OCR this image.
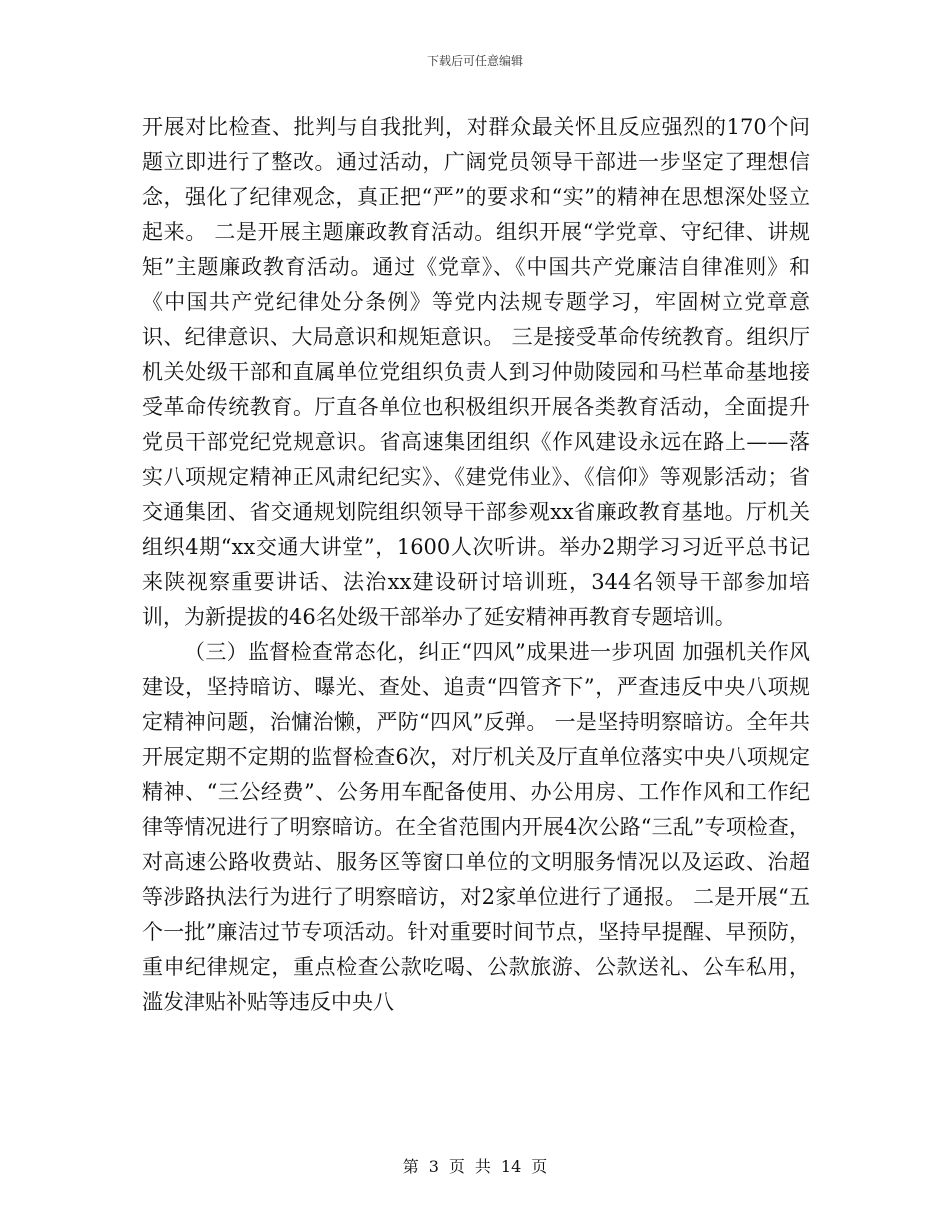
下载后可任意编辑

开展对比检查、批判与自我批判，对群众最关怀且反应强烈的170个问题立即进行了整改。通过活动，广阔党员领导干部进一步坚定了理想信念，强化了纪律观念，真正把“严”的要求和“实”的精神在思想深处竖立起来。 二是开展主题廉政教育活动。组织开展“学党章、守纪律、讲规矩”主题廉政教育活动。通过《党章》、《中国共产党廉洁自律准则》和《中国共产党纪律处分条例》等党内法规专题学习，牢固树立党章意识、纪律意识、大局意识和规矩意识。 三是接受革命传统教育。组织厅机关处级干部和直属单位党组织负责人到习仲勋陵园和马栏革命基地接受革命传统教育。厅直各单位也积极组织开展各类教育活动，全面提升党员干部党纪党规意识。省高速集团组织《作风建设永远在路上——落实八项规定精神正风肃纪纪实》、《建党伟业》、《信仰》等观影活动；省交通集团、省交通规划院组织领导干部参观xx省廉政教育基地。厅机关组织4期“xx交通大讲堂”，1600人次听讲。举办2期学习习近平总书记来陕视察重要讲话、法治xx建设研讨培训班，344名领导干部参加培训，为新提拔的46名处级干部举办了延安精神再教育专题培训。

（三）监督检查常态化，纠正“四风”成果进一步巩固 加强机关作风建设，坚持暗访、曝光、查处、追责“四管齐下”，严查违反中央八项规定精神问题，治慵治懒，严防“四风”反弹。 一是坚持明察暗访。全年共开展定期不定期的监督检查6次，对厅机关及厅直单位落实中央八项规定精神、“三公经费”、公务用车配备使用、办公用房、工作作风和工作纪律等情况进行了明察暗访。在全省范围内开展4次公路“三乱”专项检查，对高速公路收费站、服务区等窗口单位的文明服务情况以及运政、治超等涉路执法行为进行了明察暗访，对2家单位进行了通报。 二是开展“五个一批”廉洁过节专项活动。针对重要时间节点，坚持早提醒、早预防，重申纪律规定，重点检查公款吃喝、公款旅游、公款送礼、公车私用，滥发津贴补贴等违反中央八

第 3 页 共 14 页
